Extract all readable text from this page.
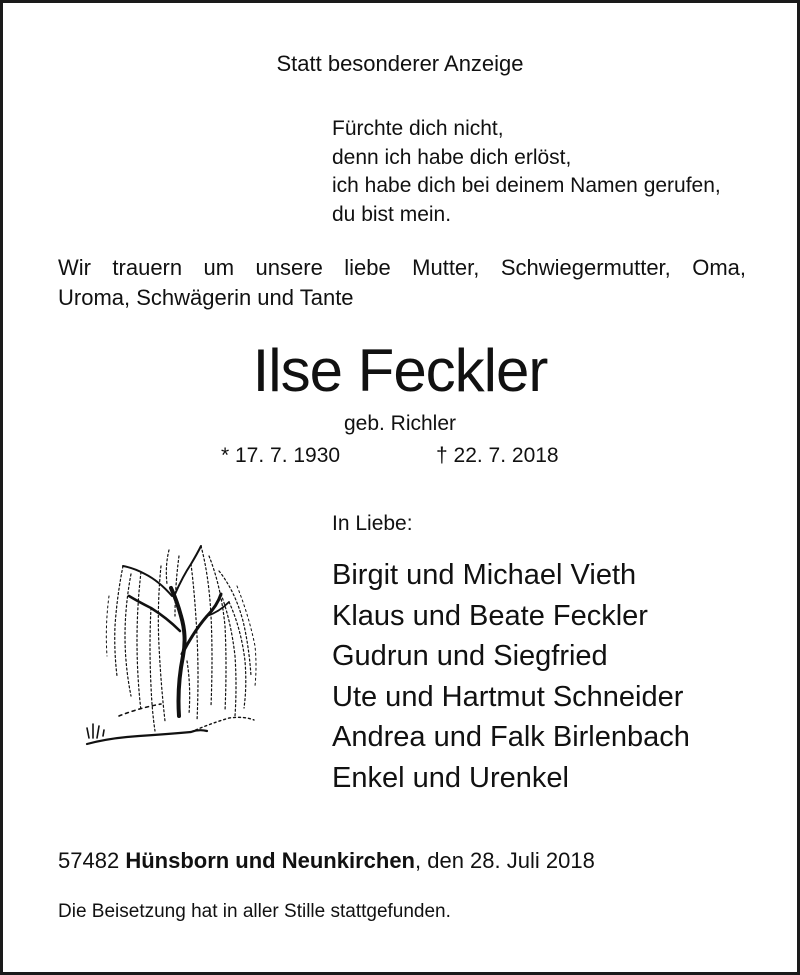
Statt besonderer Anzeige
Fürchte dich nicht,
denn ich habe dich erlöst,
ich habe dich bei deinem Namen gerufen,
du bist mein.
Wir trauern um unsere liebe Mutter, Schwiegermutter, Oma,
Uroma, Schwägerin und Tante
Ilse Feckler
geb. Richler
* 17. 7. 1930	† 22. 7. 2018
In Liebe:
Birgit und Michael Vieth
Klaus und Beate Feckler
Gudrun und Siegfried
Ute und Hartmut Schneider
Andrea und Falk Birlenbach
Enkel und Urenkel
57482 Hünsborn und Neunkirchen, den 28. Juli 2018
Die Beisetzung hat in aller Stille stattgefunden.
